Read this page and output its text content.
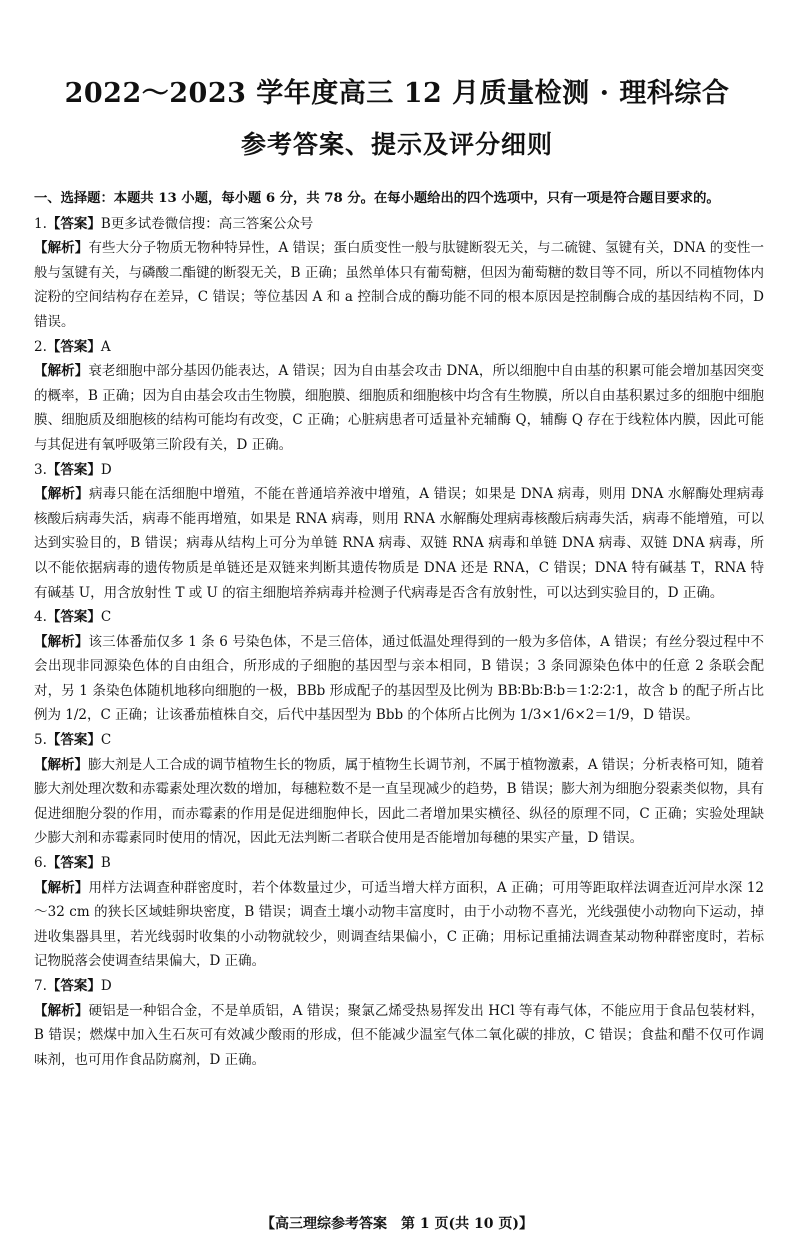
2022～2023 学年度高三 12 月质量检测 · 理科综合
参考答案、提示及评分细则
一、选择题：本题共 13 小题，每小题 6 分，共 78 分。在每小题给出的四个选项中，只有一项是符合题目要求的。
1.【答案】B更多试卷微信搜：高三答案公众号
【解析】有些大分子物质无物种特异性，A 错误；蛋白质变性一般与肽键断裂无关，与二硫键、氢键有关，DNA 的变性一般与氢键有关，与磷酸二酯键的断裂无关，B 正确；虽然单体只有葡萄糖，但因为葡萄糖的数目等不同，所以不同植物体内淀粉的空间结构存在差异，C 错误；等位基因 A 和 a 控制合成的酶功能不同的根本原因是控制酶合成的基因结构不同，D 错误。
2.【答案】A
【解析】衰老细胞中部分基因仍能表达，A 错误；因为自由基会攻击 DNA，所以细胞中自由基的积累可能会增加基因突变的概率，B 正确；因为自由基会攻击生物膜，细胞膜、细胞质和细胞核中均含有生物膜，所以自由基积累过多的细胞中细胞膜、细胞质及细胞核的结构可能均有改变，C 正确；心脏病患者可适量补充辅酶 Q，辅酶 Q 存在于线粒体内膜，因此可能与其促进有氧呼吸第三阶段有关，D 正确。
3.【答案】D
【解析】病毒只能在活细胞中增殖，不能在普通培养液中增殖，A 错误；如果是 DNA 病毒，则用 DNA 水解酶处理病毒核酸后病毒失活，病毒不能再增殖，如果是 RNA 病毒，则用 RNA 水解酶处理病毒核酸后病毒失活，病毒不能增殖，可以达到实验目的，B 错误；病毒从结构上可分为单链 RNA 病毒、双链 RNA 病毒和单链 DNA 病毒、双链 DNA 病毒，所以不能依据病毒的遗传物质是单链还是双链来判断其遗传物质是 DNA 还是 RNA，C 错误；DNA 特有碱基 T，RNA 特有碱基 U，用含放射性 T 或 U 的宿主细胞培养病毒并检测子代病毒是否含有放射性，可以达到实验目的，D 正确。
4.【答案】C
【解析】该三体番茄仅多 1 条 6 号染色体，不是三倍体，通过低温处理得到的一般为多倍体，A 错误；有丝分裂过程中不会出现非同源染色体的自由组合，所形成的子细胞的基因型与亲本相同，B 错误；3 条同源染色体中的任意 2 条联会配对，另 1 条染色体随机地移向细胞的一极，BBb 形成配子的基因型及比例为 BB∶Bb∶B∶b＝1∶2∶2∶1，故含 b 的配子所占比例为 1/2，C 正确；让该番茄植株自交，后代中基因型为 Bbb 的个体所占比例为 1/3×1/6×2＝1/9，D 错误。
5.【答案】C
【解析】膨大剂是人工合成的调节植物生长的物质，属于植物生长调节剂，不属于植物激素，A 错误；分析表格可知，随着膨大剂处理次数和赤霉素处理次数的增加，每穗粒数不是一直呈现减少的趋势，B 错误；膨大剂为细胞分裂素类似物，具有促进细胞分裂的作用，而赤霉素的作用是促进细胞伸长，因此二者增加果实横径、纵径的原理不同，C 正确；实验处理缺少膨大剂和赤霉素同时使用的情况，因此无法判断二者联合使用是否能增加每穗的果实产量，D 错误。
6.【答案】B
【解析】用样方法调查种群密度时，若个体数量过少，可适当增大样方面积，A 正确；可用等距取样法调查近河岸水深 12～32 cm 的狭长区域蛙卵块密度，B 错误；调查土壤小动物丰富度时，由于小动物不喜光，光线强使小动物向下运动，掉进收集器具里，若光线弱时收集的小动物就较少，则调查结果偏小，C 正确；用标记重捕法调查某动物种群密度时，若标记物脱落会使调查结果偏大，D 正确。
7.【答案】D
【解析】硬铝是一种铝合金，不是单质铝，A 错误；聚氯乙烯受热易挥发出 HCl 等有毒气体，不能应用于食品包装材料，B 错误；燃煤中加入生石灰可有效减少酸雨的形成，但不能减少温室气体二氧化碳的排放，C 错误；食盐和醋不仅可作调味剂，也可用作食品防腐剂，D 正确。
【高三理综参考答案　第 1 页(共 10 页)】
